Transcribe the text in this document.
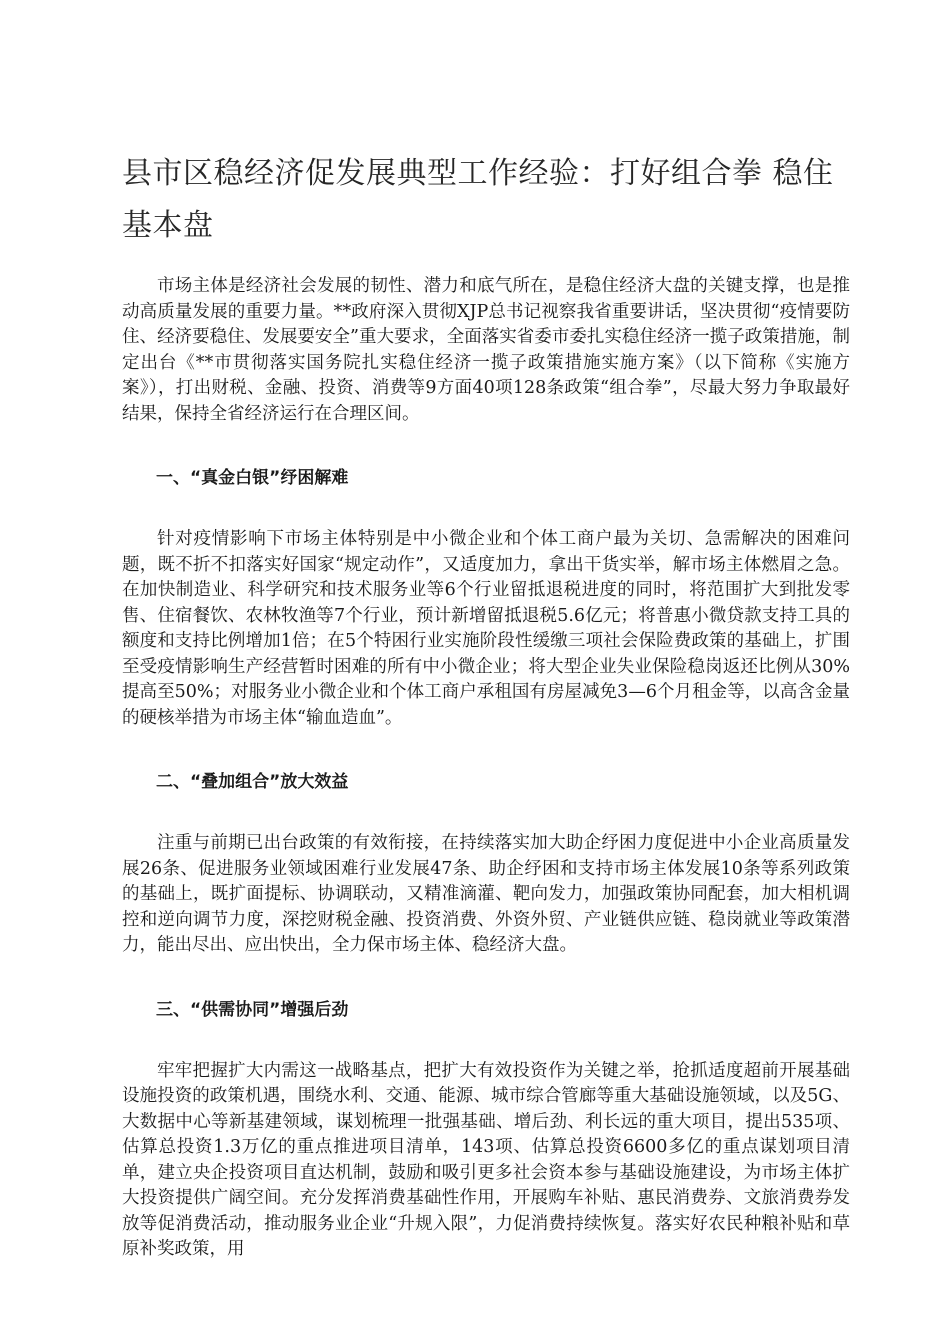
县市区稳经济促发展典型工作经验：打好组合拳 稳住基本盘

市场主体是经济社会发展的韧性、潜力和底气所在，是稳住经济大盘的关键支撑，也是推动高质量发展的重要力量。**政府深入贯彻XJP总书记视察我省重要讲话，坚决贯彻“疫情要防住、经济要稳住、发展要安全”重大要求，全面落实省委市委扎实稳住经济一揽子政策措施，制定出台《**市贯彻落实国务院扎实稳住经济一揽子政策措施实施方案》（以下简称《实施方案》），打出财税、金融、投资、消费等9方面40项128条政策“组合拳”，尽最大努力争取最好结果，保持全省经济运行在合理区间。

一、“真金白银”纾困解难

针对疫情影响下市场主体特别是中小微企业和个体工商户最为关切、急需解决的困难问题，既不折不扣落实好国家“规定动作”，又适度加力，拿出干货实举，解市场主体燃眉之急。在加快制造业、科学研究和技术服务业等6个行业留抵退税进度的同时，将范围扩大到批发零售、住宿餐饮、农林牧渔等7个行业，预计新增留抵退税5.6亿元；将普惠小微贷款支持工具的额度和支持比例增加1倍；在5个特困行业实施阶段性缓缴三项社会保险费政策的基础上，扩围至受疫情影响生产经营暂时困难的所有中小微企业；将大型企业失业保险稳岗返还比例从30%提高至50%；对服务业小微企业和个体工商户承租国有房屋减免3—6个月租金等，以高含金量的硬核举措为市场主体“输血造血”。

二、“叠加组合”放大效益

注重与前期已出台政策的有效衔接，在持续落实加大助企纾困力度促进中小企业高质量发展26条、促进服务业领域困难行业发展47条、助企纾困和支持市场主体发展10条等系列政策的基础上，既扩面提标、协调联动，又精准滴灌、靶向发力，加强政策协同配套，加大相机调控和逆向调节力度，深挖财税金融、投资消费、外资外贸、产业链供应链、稳岗就业等政策潜力，能出尽出、应出快出，全力保市场主体、稳经济大盘。

三、“供需协同”增强后劲

牢牢把握扩大内需这一战略基点，把扩大有效投资作为关键之举，抢抓适度超前开展基础设施投资的政策机遇，围绕水利、交通、能源、城市综合管廊等重大基础设施领域，以及5G、大数据中心等新基建领域，谋划梳理一批强基础、增后劲、利长远的重大项目，提出535项、估算总投资1.3万亿的重点推进项目清单，143项、估算总投资6600多亿的重点谋划项目清单，建立央企投资项目直达机制，鼓励和吸引更多社会资本参与基础设施建设，为市场主体扩大投资提供广阔空间。充分发挥消费基础性作用，开展购车补贴、惠民消费券、文旅消费券发放等促消费活动，推动服务业企业“升规入限”，力促消费持续恢复。落实好农民种粮补贴和草原补奖政策，用
